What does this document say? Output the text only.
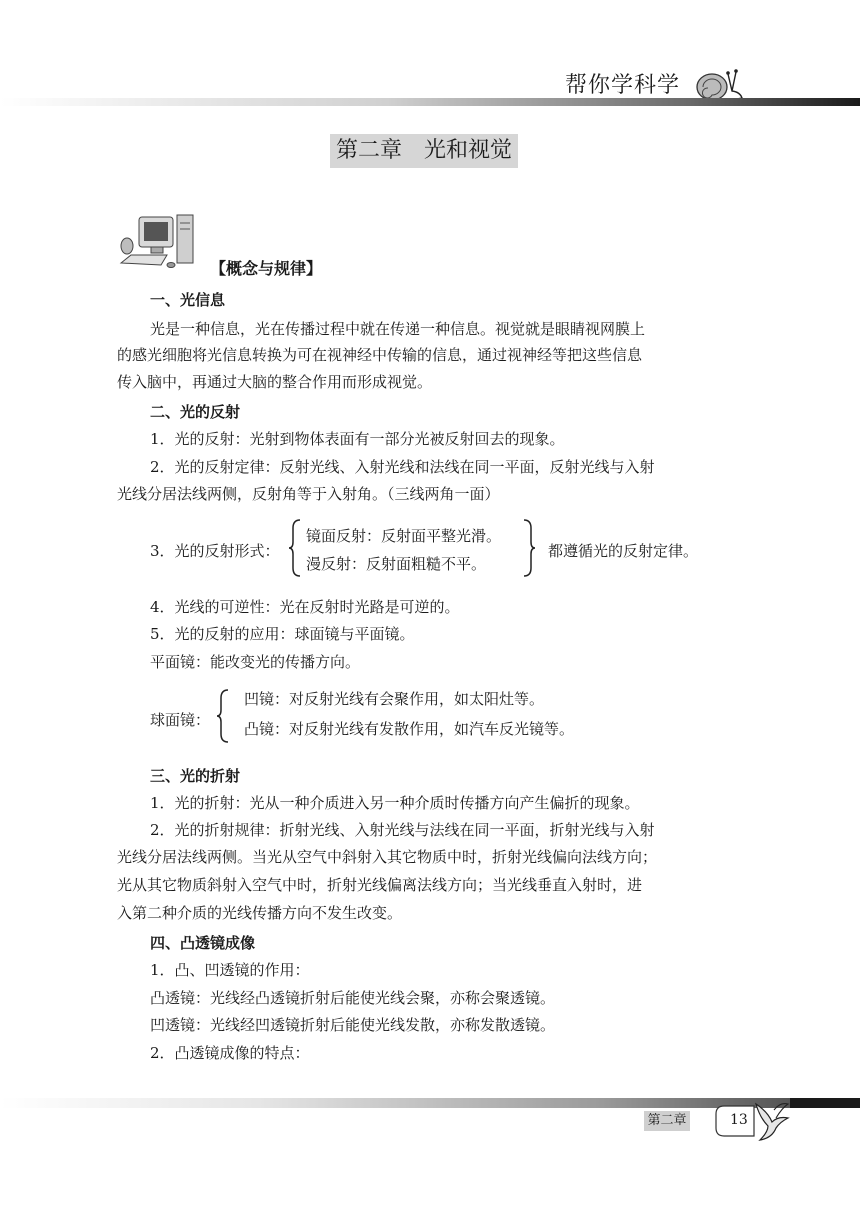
帮你学科学
第二章　光和视觉
【概念与规律】
一、光信息
光是一种信息，光在传播过程中就在传递一种信息。视觉就是眼睛视网膜上
的感光细胞将光信息转换为可在视神经中传输的信息，通过视神经等把这些信息
传入脑中，再通过大脑的整合作用而形成视觉。
二、光的反射
1．光的反射：光射到物体表面有一部分光被反射回去的现象。
2．光的反射定律：反射光线、入射光线和法线在同一平面，反射光线与入射
光线分居法线两侧，反射角等于入射角。（三线两角一面）
3．光的反射形式：
镜面反射：反射面平整光滑。
漫反射：反射面粗糙不平。
都遵循光的反射定律。
4．光线的可逆性：光在反射时光路是可逆的。
5．光的反射的应用：球面镜与平面镜。
平面镜：能改变光的传播方向。
球面镜：
凹镜：对反射光线有会聚作用，如太阳灶等。
凸镜：对反射光线有发散作用，如汽车反光镜等。
三、光的折射
1．光的折射：光从一种介质进入另一种介质时传播方向产生偏折的现象。
2．光的折射规律：折射光线、入射光线与法线在同一平面，折射光线与入射
光线分居法线两侧。当光从空气中斜射入其它物质中时，折射光线偏向法线方向；
光从其它物质斜射入空气中时，折射光线偏离法线方向；当光线垂直入射时，进
入第二种介质的光线传播方向不发生改变。
四、凸透镜成像
1．凸、凹透镜的作用：
凸透镜：光线经凸透镜折射后能使光线会聚，亦称会聚透镜。
凹透镜：光线经凹透镜折射后能使光线发散，亦称发散透镜。
2．凸透镜成像的特点：
第二章	13
